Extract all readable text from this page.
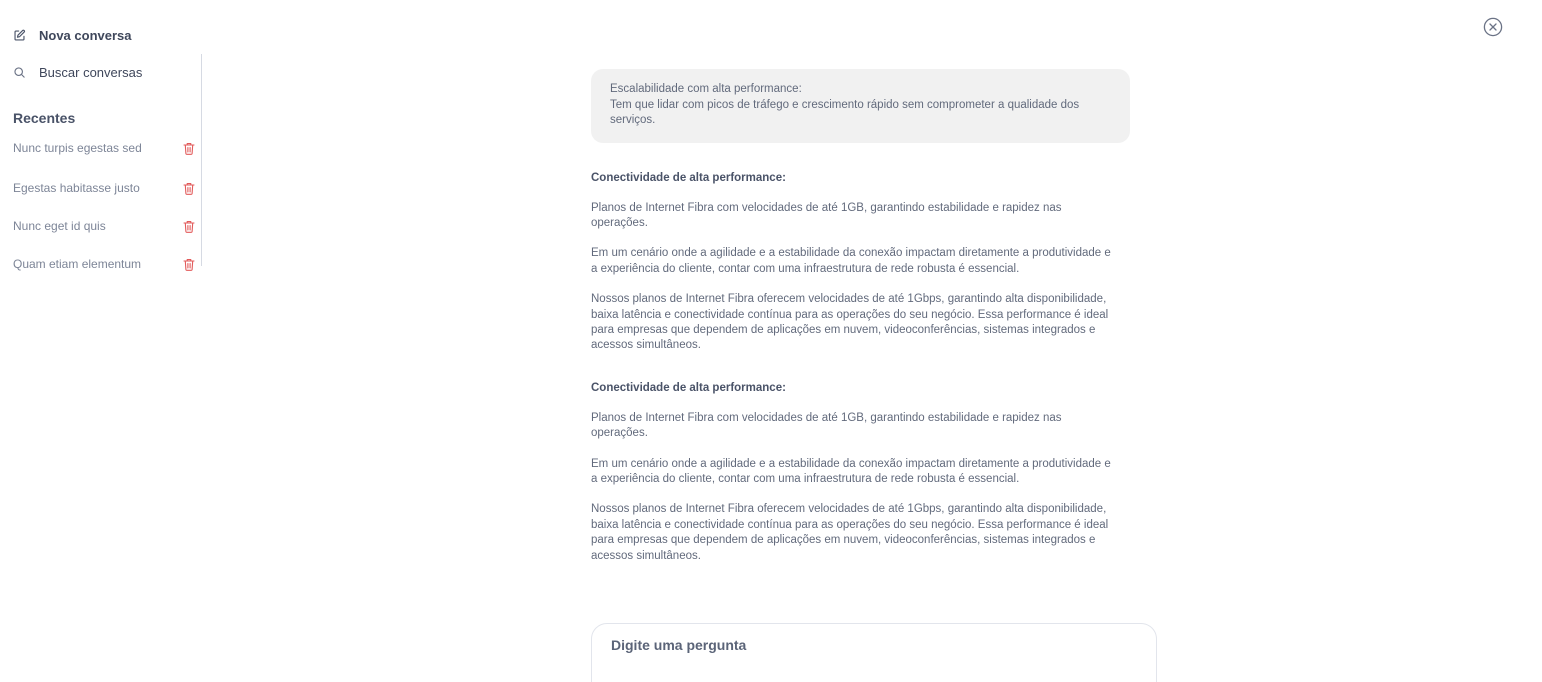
Nova conversa
Buscar conversas
Recentes
Nunc turpis egestas sed
Egestas habitasse justo
Nunc eget id quis
Quam etiam elementum

Escalabilidade com alta performance:

Tem que lidar com picos de tráfego e crescimento rápido sem comprometer a qualidade dos serviços.

Conectividade de alta performance:

Planos de Internet Fibra com velocidades de até 1GB, garantindo estabilidade e rapidez nas operações.

Em um cenário onde a agilidade e a estabilidade da conexão impactam diretamente a produtividade e a experiência do cliente, contar com uma infraestrutura de rede robusta é essencial.

Nossos planos de Internet Fibra oferecem velocidades de até 1Gbps, garantindo alta disponibilidade, baixa latência e conectividade contínua para as operações do seu negócio. Essa performance é ideal para empresas que dependem de aplicações em nuvem, videoconferências, sistemas integrados e acessos simultâneos.

Conectividade de alta performance:

Planos de Internet Fibra com velocidades de até 1GB, garantindo estabilidade e rapidez nas operações.

Em um cenário onde a agilidade e a estabilidade da conexão impactam diretamente a produtividade e a experiência do cliente, contar com uma infraestrutura de rede robusta é essencial.

Nossos planos de Internet Fibra oferecem velocidades de até 1Gbps, garantindo alta disponibilidade, baixa latência e conectividade contínua para as operações do seu negócio. Essa performance é ideal para empresas que dependem de aplicações em nuvem, videoconferências, sistemas integrados e acessos simultâneos.

Digite uma pergunta
